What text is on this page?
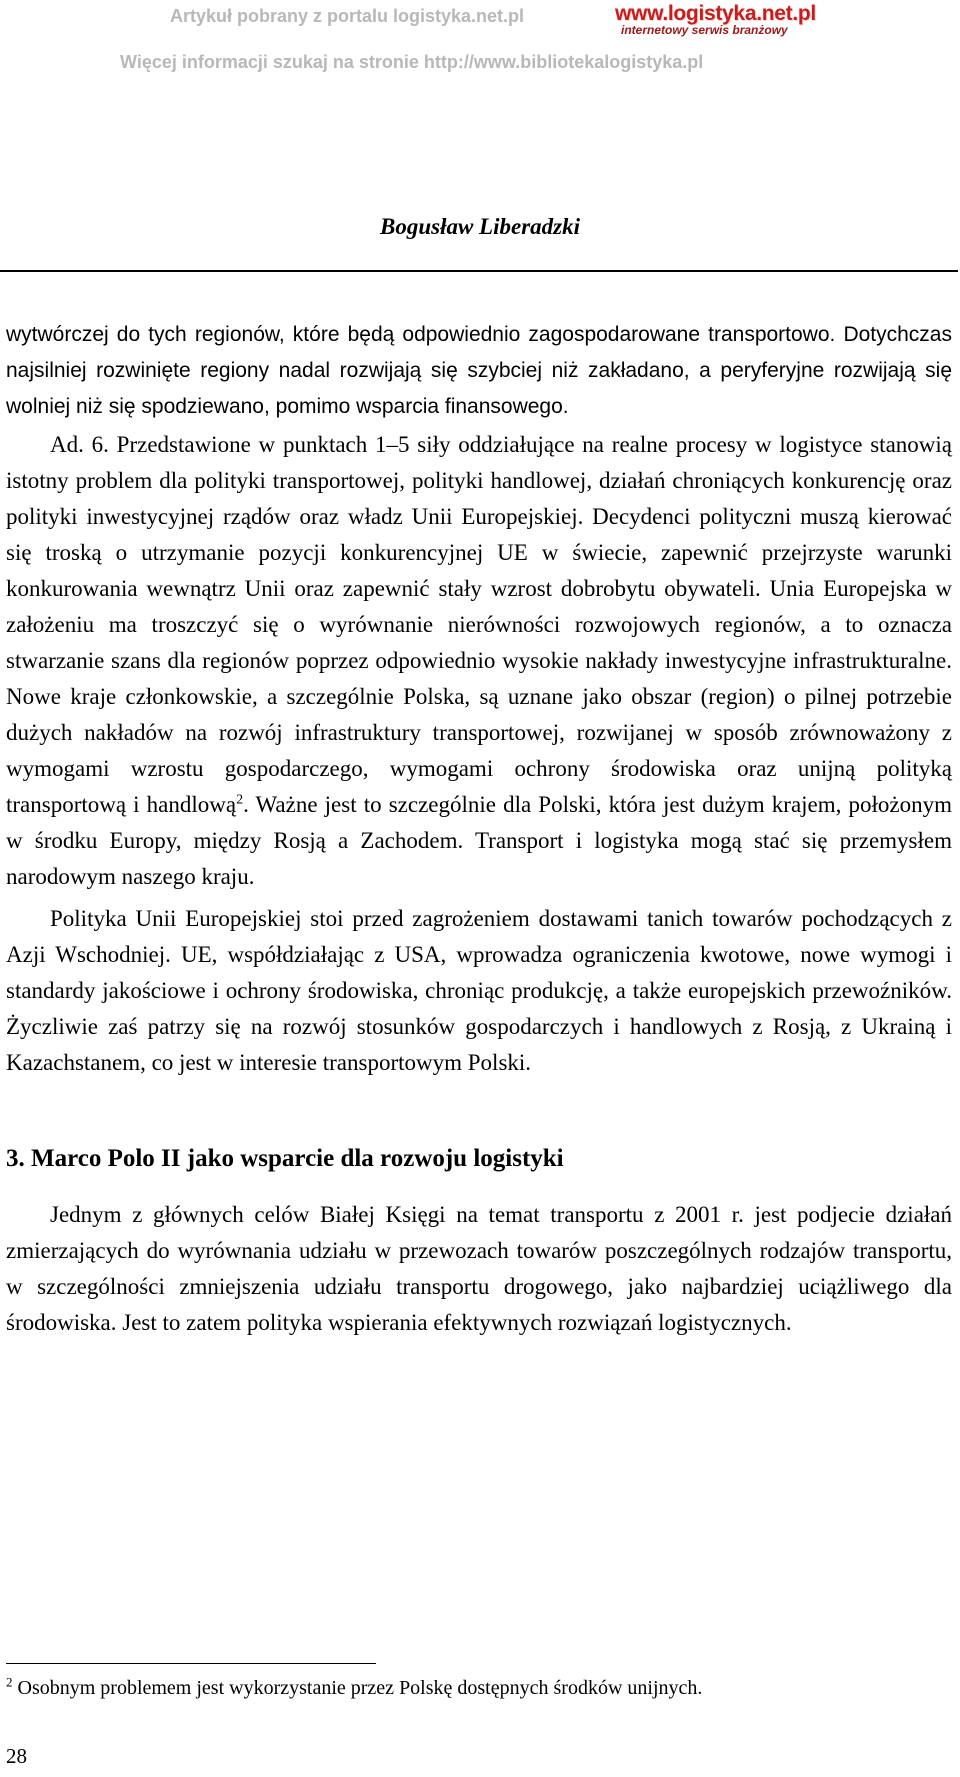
Artykuł pobrany z portalu logistyka.net.pl
Więcej informacji szukaj na stronie http://www.bibliotekalogistyka.pl
www.logistyka.net.pl
internetowy serwis branżowy
Bogusław Liberadzki

wytwórczej do tych regionów, które będą odpowiednio zagospodarowane transportowo. Dotychczas najsilniej rozwinięte regiony nadal rozwijają się szybciej niż zakładano, a peryferyjne rozwijają się wolniej niż się spodziewano, pomimo wsparcia finansowego.

Ad. 6. Przedstawione w punktach 1–5 siły oddziałujące na realne procesy w logistyce stanowią istotny problem dla polityki transportowej, polityki handlowej, działań chroniących konkurencję oraz polityki inwestycyjnej rządów oraz władz Unii Europejskiej. Decydenci polityczni muszą kierować się troską o utrzymanie pozycji konkurencyjnej UE w świecie, zapewnić przejrzyste warunki konkurowania wewnątrz Unii oraz zapewnić stały wzrost dobrobytu obywateli. Unia Europejska w założeniu ma troszczyć się o wyrównanie nierówności rozwojowych regionów, a to oznacza stwarzanie szans dla regionów poprzez odpowiednio wysokie nakłady inwestycyjne infrastrukturalne. Nowe kraje członkowskie, a szczególnie Polska, są uznane jako obszar (region) o pilnej potrzebie dużych nakładów na rozwój infrastruktury transportowej, rozwijanej w sposób zrównoważony z wymogami wzrostu gospodarczego, wymogami ochrony środowiska oraz unijną polityką transportową i handlową$^2$. Ważne jest to szczególnie dla Polski, która jest dużym krajem, położonym w środku Europy, między Rosją a Zachodem. Transport i logistyka mogą stać się przemysłem narodowym naszego kraju.

Polityka Unii Europejskiej stoi przed zagrożeniem dostawami tanich towarów pochodzących z Azji Wschodniej. UE, współdziałając z USA, wprowadza ograniczenia kwotowe, nowe wymogi i standardy jakościowe i ochrony środowiska, chroniąc produkcję, a także europejskich przewoźników. Życzliwie zaś patrzy się na rozwój stosunków gospodarczych i handlowych z Rosją, z Ukrainą i Kazachstanem, co jest w interesie transportowym Polski.

3. Marco Polo II jako wsparcie dla rozwoju logistyki

Jednym z głównych celów Białej Księgi na temat transportu z 2001 r. jest podjecie działań zmierzających do wyrównania udziału w przewozach towarów poszczególnych rodzajów transportu, w szczególności zmniejszenia udziału transportu drogowego, jako najbardziej uciążliwego dla środowiska. Jest to zatem polityka wspierania efektywnych rozwiązań logistycznych.

$^2$ Osobnym problemem jest wykorzystanie przez Polskę dostępnych środków unijnych.
28
